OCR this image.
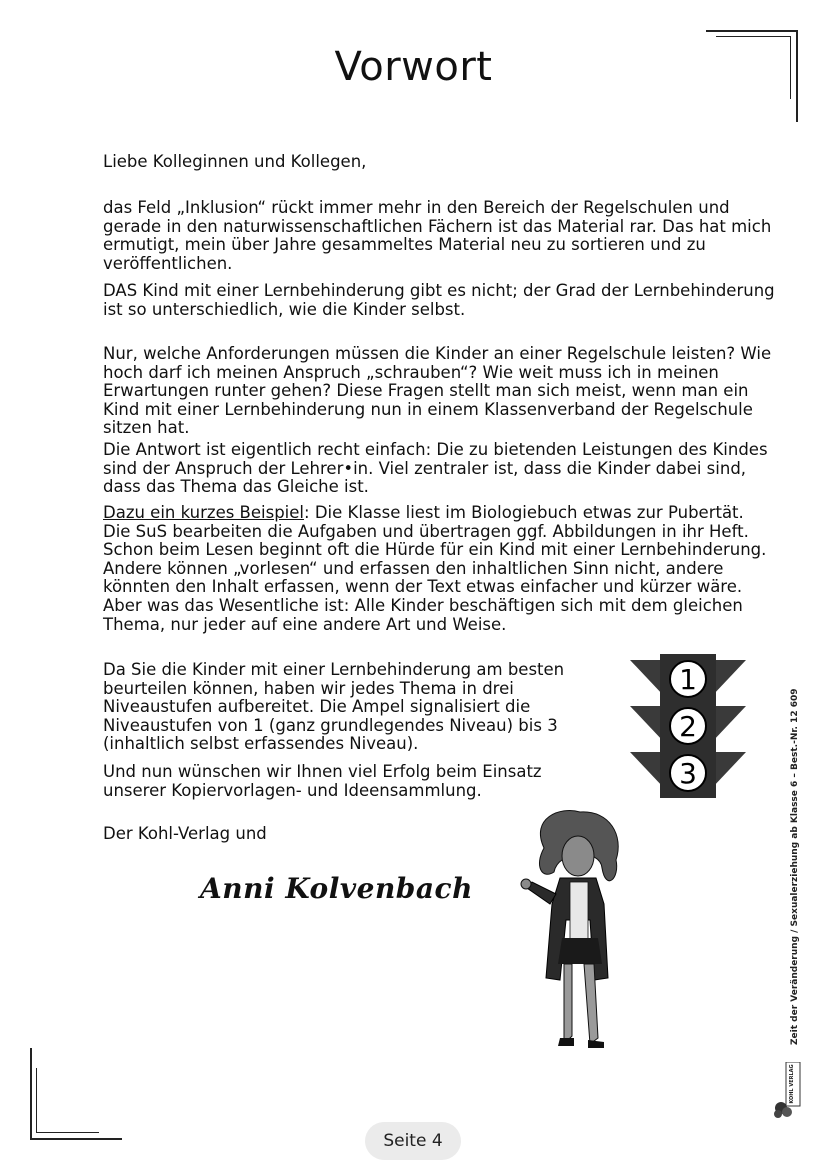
Vorwort
Liebe Kolleginnen und Kollegen,
das Feld „Inklusion“ rückt immer mehr in den Bereich der Regelschulen und gerade in den naturwissenschaftlichen Fächern ist das Material rar. Das hat mich ermutigt, mein über Jahre gesammeltes Material neu zu sortieren und zu veröffentlichen.
DAS Kind mit einer Lernbehinderung gibt es nicht; der Grad der Lernbehinderung ist so unterschiedlich, wie die Kinder selbst.

Nur, welche Anforderungen müssen die Kinder an einer Regelschule leisten? Wie hoch darf ich meinen Anspruch „schrauben“? Wie weit muss ich in meinen Erwartungen runter gehen? Diese Fragen stellt man sich meist, wenn man ein Kind mit einer Lernbehinderung nun in einem Klassenverband der Regelschule sitzen hat.

Die Antwort ist eigentlich recht einfach: Die zu bietenden Leistungen des Kindes sind der Anspruch der Lehrer•in. Viel zentraler ist, dass die Kinder dabei sind, dass das Thema das Gleiche ist.

Dazu ein kurzes Beispiel: Die Klasse liest im Biologiebuch etwas zur Pubertät. Die SuS bearbeiten die Aufgaben und übertragen ggf. Abbildungen in ihr Heft. Schon beim Lesen beginnt oft die Hürde für ein Kind mit einer Lernbehinderung. Andere können „vorlesen“ und erfassen den inhaltlichen Sinn nicht, andere könnten den Inhalt erfassen, wenn der Text etwas einfacher und kürzer wäre. Aber was das Wesentliche ist: Alle Kinder beschäftigen sich mit dem gleichen Thema, nur jeder auf eine andere Art und Weise.
Da Sie die Kinder mit einer Lernbehinderung am besten beurteilen können, haben wir jedes Thema in drei Niveaustufen aufbereitet. Die Ampel signalisiert die Niveaustufen von 1 (ganz grundlegendes Niveau) bis 3 (inhaltlich selbst erfassendes Niveau).
Und nun wünschen wir Ihnen viel Erfolg beim Einsatz unserer Kopiervorlagen- und Ideensammlung.
Der Kohl-Verlag und
Anni Kolvenbach
1
2
3	Zeit der Veränderung / Sexualerziehung ab Klasse 6 – Best.-Nr. 12 609
KOHL VERLAG
Seite 4
